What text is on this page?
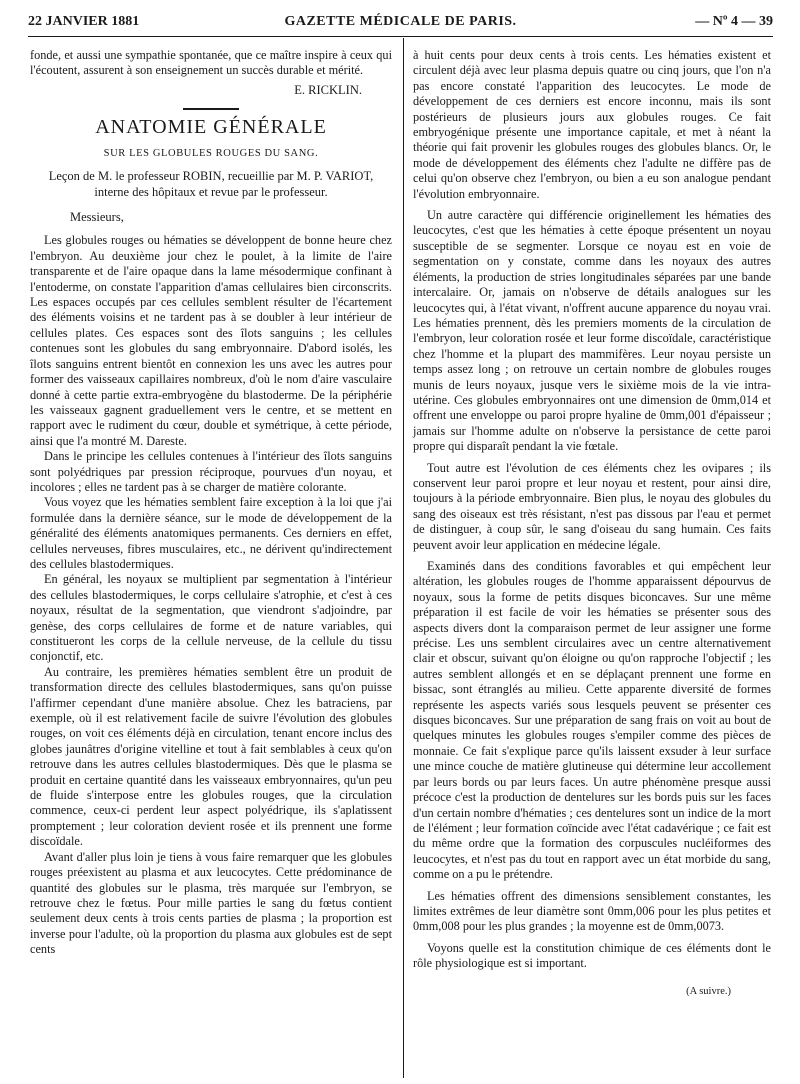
22 JANVIER 1881	GAZETTE MÉDICALE DE PARIS.	— Nº 4 — 39

fonde, et aussi une sympathie spontanée, que ce maître inspire à ceux qui l'écoutent, assurent à son enseignement un succès durable et mérité.

E. RICKLIN.
ANATOMIE GÉNÉRALE
SUR LES GLOBULES ROUGES DU SANG.
Leçon de M. le professeur ROBIN, recueillie par M. P. VARIOT, interne des hôpitaux et revue par le professeur.
Messieurs,

Les globules rouges ou hématies se développent de bonne heure chez l'embryon. Au deuxième jour chez le poulet, à la limite de l'aire transparente et de l'aire opaque dans la lame mésodermique confinant à l'entoderme, on constate l'apparition d'amas cellulaires bien circonscrits. Les espaces occupés par ces cellules semblent résulter de l'écartement des éléments voisins et ne tardent pas à se doubler à leur intérieur de cellules plates. Ces espaces sont des îlots sanguins ; les cellules contenues sont les globules du sang embryonnaire. D'abord isolés, les îlots sanguins entrent bientôt en connexion les uns avec les autres pour former des vaisseaux capillaires nombreux, d'où le nom d'aire vasculaire donné à cette partie extra-embryogène du blastoderme. De la périphérie les vaisseaux gagnent graduellement vers le centre, et se mettent en rapport avec le rudiment du cœur, double et symétrique, à cette période, ainsi que l'a montré M. Dareste.

Dans le principe les cellules contenues à l'intérieur des îlots sanguins sont polyédriques par pression réciproque, pourvues d'un noyau, et incolores ; elles ne tardent pas à se charger de matière colorante.

Vous voyez que les hématies semblent faire exception à la loi que j'ai formulée dans la dernière séance, sur le mode de développement de la généralité des éléments anatomiques permanents. Ces derniers en effet, cellules nerveuses, fibres musculaires, etc., ne dérivent qu'indirectement des cellules blastodermiques.

En général, les noyaux se multiplient par segmentation à l'intérieur des cellules blastodermiques, le corps cellulaire s'atrophie, et c'est à ces noyaux, résultat de la segmentation, que viendront s'adjoindre, par genèse, des corps cellulaires de forme et de nature variables, qui constitueront les corps de la cellule nerveuse, de la cellule du tissu conjonctif, etc.

Au contraire, les premières hématies semblent être un produit de transformation directe des cellules blastodermiques, sans qu'on puisse l'affirmer cependant d'une manière absolue. Chez les batraciens, par exemple, où il est relativement facile de suivre l'évolution des globules rouges, on voit ces éléments déjà en circulation, tenant encore inclus des globes jaunâtres d'origine vitelline et tout à fait semblables à ceux qu'on retrouve dans les autres cellules blastodermiques. Dès que le plasma se produit en certaine quantité dans les vaisseaux embryonnaires, qu'un peu de fluide s'interpose entre les globules rouges, que la circulation commence, ceux-ci perdent leur aspect polyédrique, ils s'aplatissent promptement ; leur coloration devient rosée et ils prennent une forme discoïdale.

Avant d'aller plus loin je tiens à vous faire remarquer que les globules rouges préexistent au plasma et aux leucocytes. Cette prédominance de quantité des globules sur le plasma, très marquée sur l'embryon, se retrouve chez le fœtus. Pour mille parties le sang du fœtus contient seulement deux cents à trois cents parties de plasma ; la proportion est inverse pour l'adulte, où la proportion du plasma aux globules est de sept cents

à huit cents pour deux cents à trois cents. Les hématies existent et circulent déjà avec leur plasma depuis quatre ou cinq jours, que l'on n'a pas encore constaté l'apparition des leucocytes. Le mode de développement de ces derniers est encore inconnu, mais ils sont postérieurs de plusieurs jours aux globules rouges. Ce fait embryogénique présente une importance capitale, et met à néant la théorie qui fait provenir les globules rouges des globules blancs. Or, le mode de développement des éléments chez l'adulte ne diffère pas de celui qu'on observe chez l'embryon, ou bien a eu son analogue pendant l'évolution embryonnaire.

Un autre caractère qui différencie originellement les hématies des leucocytes, c'est que les hématies à cette époque présentent un noyau susceptible de se segmenter. Lorsque ce noyau est en voie de segmentation on y constate, comme dans les noyaux des autres éléments, la production de stries longitudinales séparées par une bande intercalaire. Or, jamais on n'observe de détails analogues sur les leucocytes qui, à l'état vivant, n'offrent aucune apparence du noyau vrai. Les hématies prennent, dès les premiers moments de la circulation de l'embryon, leur coloration rosée et leur forme discoïdale, caractéristique chez l'homme et la plupart des mammifères. Leur noyau persiste un temps assez long ; on retrouve un certain nombre de globules rouges munis de leurs noyaux, jusque vers le sixième mois de la vie intra-utérine. Ces globules embryonnaires ont une dimension de 0mm,014 et offrent une enveloppe ou paroi propre hyaline de 0mm,001 d'épaisseur ; jamais sur l'homme adulte on n'observe la persistance de cette paroi propre qui disparaît pendant la vie fœtale.

Tout autre est l'évolution de ces éléments chez les ovipares ; ils conservent leur paroi propre et leur noyau et restent, pour ainsi dire, toujours à la période embryonnaire. Bien plus, le noyau des globules du sang des oiseaux est très résistant, n'est pas dissous par l'eau et permet de distinguer, à coup sûr, le sang d'oiseau du sang humain. Ces faits peuvent avoir leur application en médecine légale.

Examinés dans des conditions favorables et qui empêchent leur altération, les globules rouges de l'homme apparaissent dépourvus de noyaux, sous la forme de petits disques biconcaves. Sur une même préparation il est facile de voir les hématies se présenter sous des aspects divers dont la comparaison permet de leur assigner une forme précise. Les uns semblent circulaires avec un centre alternativement clair et obscur, suivant qu'on éloigne ou qu'on rapproche l'objectif ; les autres semblent allongés et en se déplaçant prennent une forme en bissac, sont étranglés au milieu. Cette apparente diversité de formes représente les aspects variés sous lesquels peuvent se présenter ces disques biconcaves. Sur une préparation de sang frais on voit au bout de quelques minutes les globules rouges s'empiler comme des pièces de monnaie. Ce fait s'explique parce qu'ils laissent exsuder à leur surface une mince couche de matière glutineuse qui détermine leur accollement par leurs bords ou par leurs faces. Un autre phénomène presque aussi précoce c'est la production de dentelures sur les bords puis sur les faces d'un certain nombre d'hématies ; ces dentelures sont un indice de la mort de l'élément ; leur formation coïncide avec l'état cadavérique ; ce fait est du même ordre que la formation des corpuscules nucléiformes des leucocytes, et n'est pas du tout en rapport avec un état morbide du sang, comme on a pu le prétendre.

Les hématies offrent des dimensions sensiblement constantes, les limites extrêmes de leur diamètre sont 0mm,006 pour les plus petites et 0mm,008 pour les plus grandes ; la moyenne est de 0mm,0073.

Voyons quelle est la constitution chimique de ces éléments dont le rôle physiologique est si important.

(A suivre.)
